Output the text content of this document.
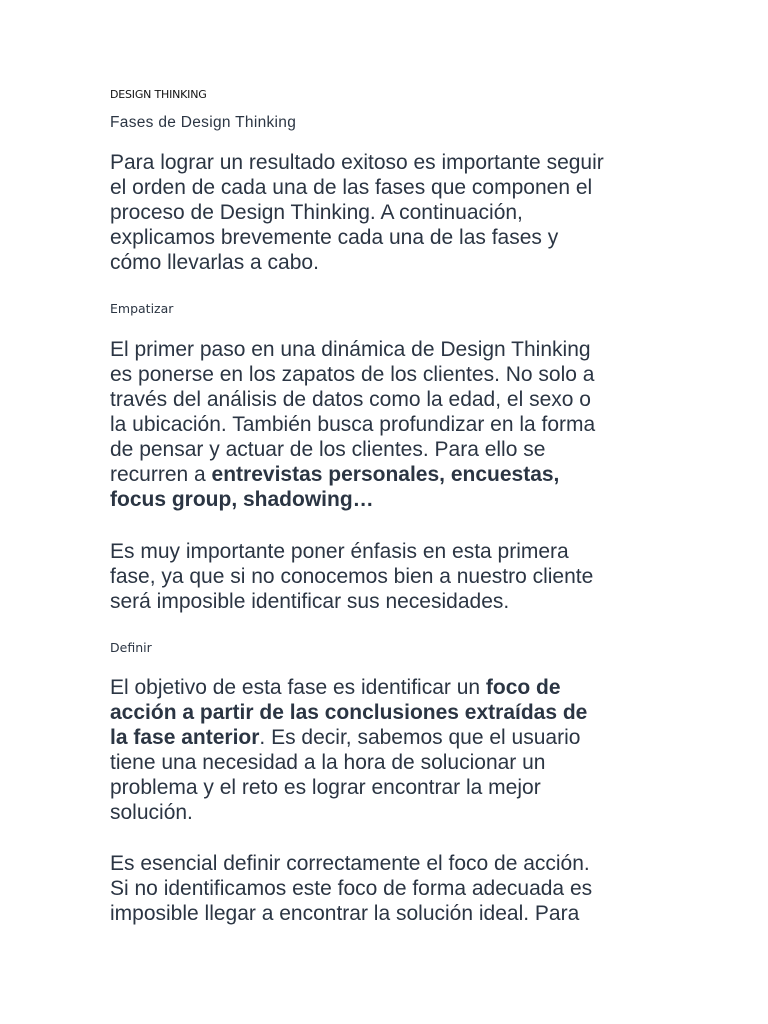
DESIGN THINKING
Fases de Design Thinking

Para lograr un resultado exitoso es importante seguir
el orden de cada una de las fases que componen el
proceso de Design Thinking. A continuación,
explicamos brevemente cada una de las fases y
cómo llevarlas a cabo.

Empatizar

El primer paso en una dinámica de Design Thinking
es ponerse en los zapatos de los clientes. No solo a
través del análisis de datos como la edad, el sexo o
la ubicación. También busca profundizar en la forma
de pensar y actuar de los clientes. Para ello se
recurren a entrevistas personales, encuestas,
focus group, shadowing…

Es muy importante poner énfasis en esta primera
fase, ya que si no conocemos bien a nuestro cliente
será imposible identificar sus necesidades.

Definir

El objetivo de esta fase es identificar un foco de
acción a partir de las conclusiones extraídas de
la fase anterior. Es decir, sabemos que el usuario
tiene una necesidad a la hora de solucionar un
problema y el reto es lograr encontrar la mejor
solución.

Es esencial definir correctamente el foco de acción.
Si no identificamos este foco de forma adecuada es
imposible llegar a encontrar la solución ideal. Para
